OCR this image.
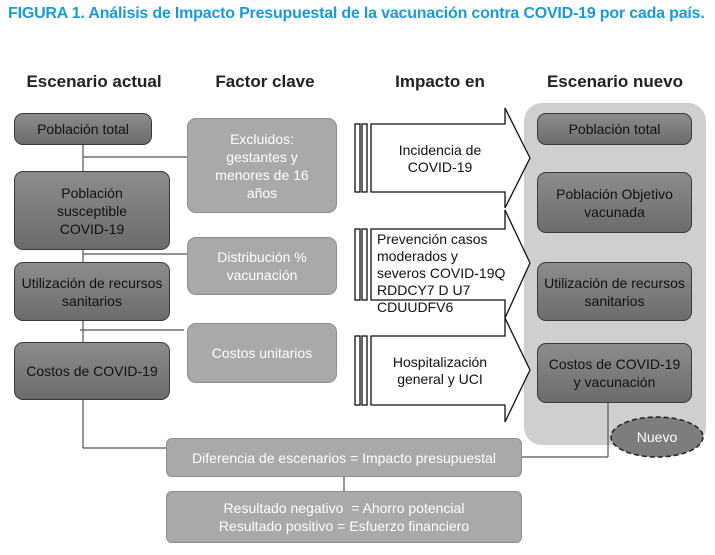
FIGURA 1. Análisis de Impacto Presupuestal de la vacunación contra COVID-19 por cada país.
Escenario actual	Factor clave	Impacto en	Escenario nuevo
Población total
Población susceptible COVID-19
Utilización de recursos sanitarios
Costos de COVID-19
Excluidos: gestantes y menores de 16 años
Distribución % vacunación
Costos unitarios
Incidencia de COVID-19
Prevención casos moderados y severos COVID-19Q RDDCY7 D U7 CDUUDFV6
Hospitalización general y UCI
Población total
Población Objetivo vacunada
Utilización de recursos sanitarios
Costos de COVID-19 y vacunación
Nuevo
Diferencia de escenarios = Impacto presupuestal
Resultado negativo  = Ahorro potencial
Resultado positivo = Esfuerzo financiero
